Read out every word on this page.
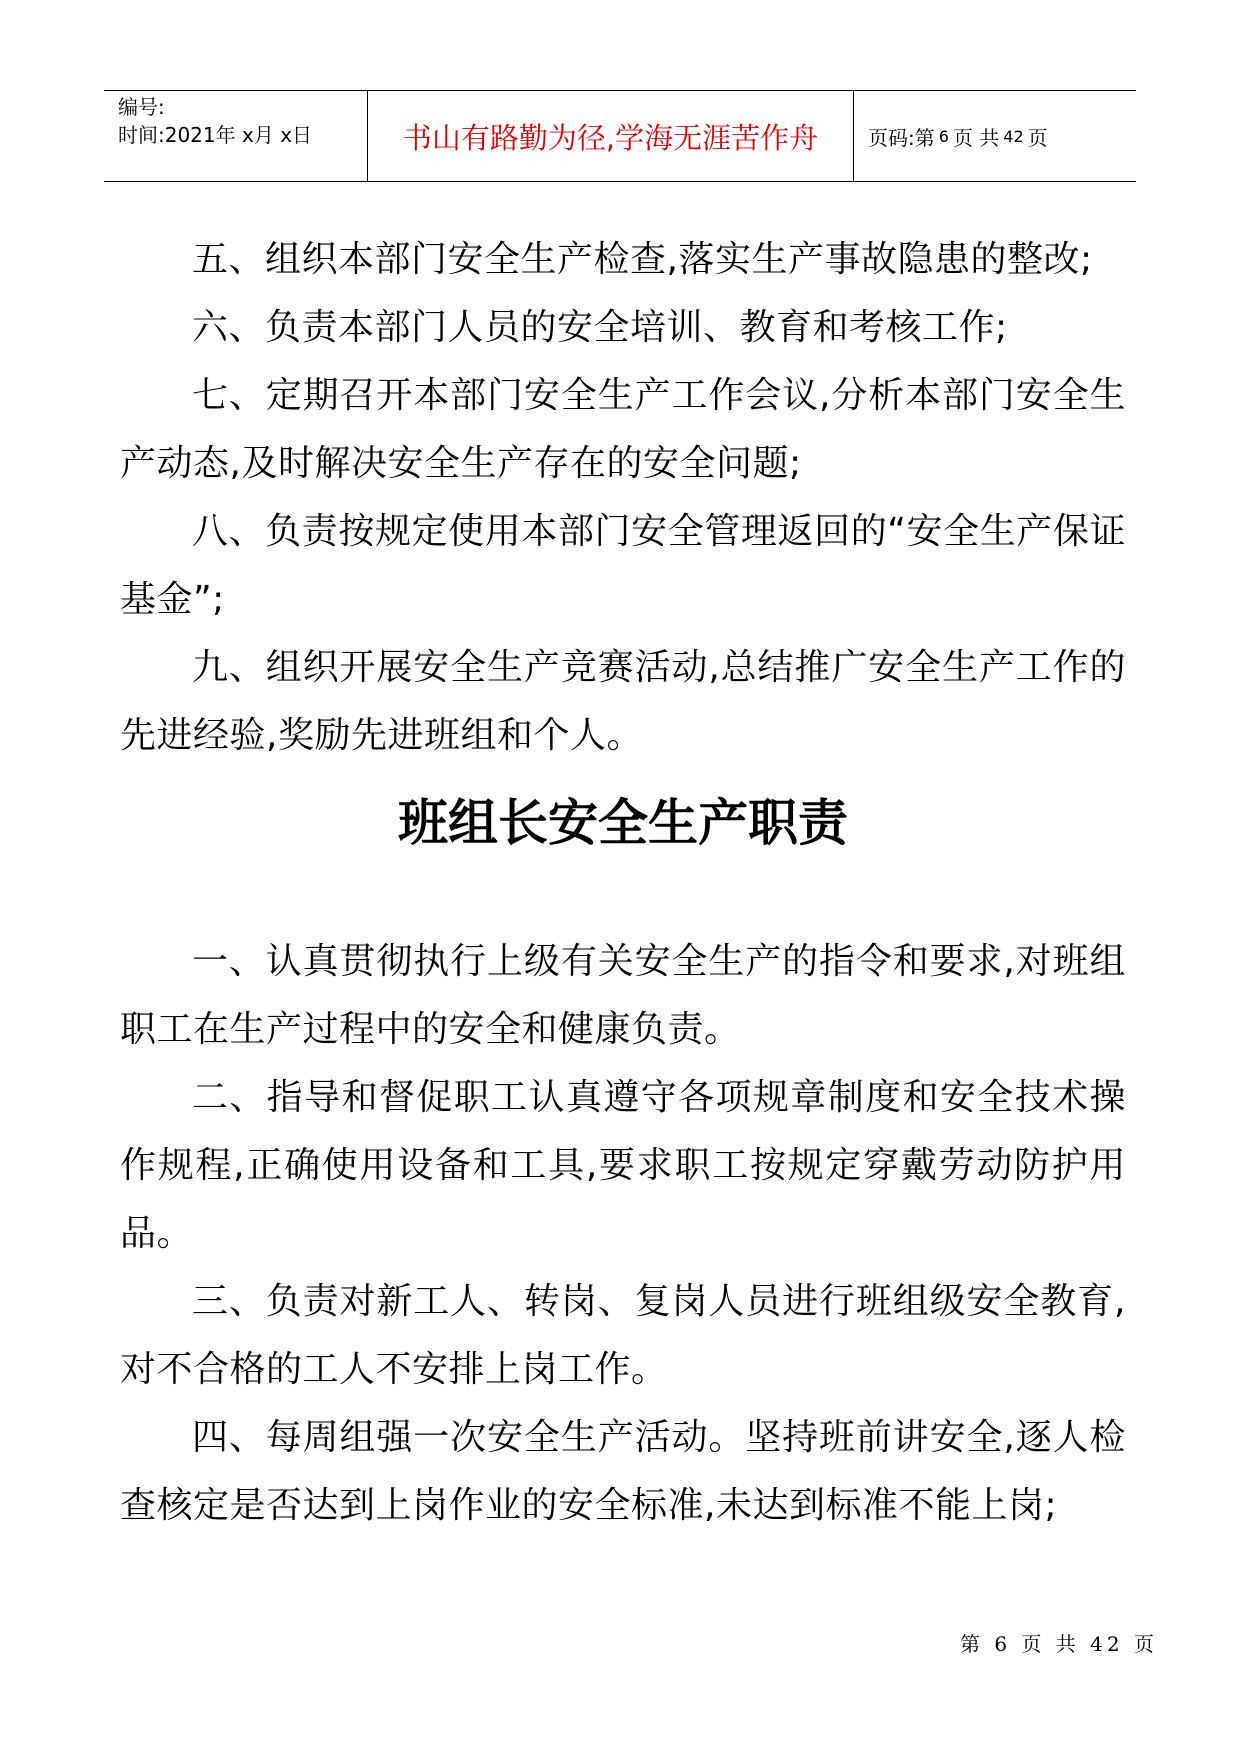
编号:
时间:2021年 x月 x日	书山有路勤为径,学海无涯苦作舟	页码:第 6 页 共 42 页

五、组织本部门安全生产检查,落实生产事故隐患的整改;

六、负责本部门人员的安全培训、教育和考核工作;

七、定期召开本部门安全生产工作会议,分析本部门安全生产动态,及时解决安全生产存在的安全问题;

八、负责按规定使用本部门安全管理返回的“安全生产保证基金”;

九、组织开展安全生产竞赛活动,总结推广安全生产工作的先进经验,奖励先进班组和个人。

班组长安全生产职责

一、认真贯彻执行上级有关安全生产的指令和要求,对班组职工在生产过程中的安全和健康负责。

二、指导和督促职工认真遵守各项规章制度和安全技术操作规程,正确使用设备和工具,要求职工按规定穿戴劳动防护用品。

三、负责对新工人、转岗、复岗人员进行班组级安全教育,对不合格的工人不安排上岗工作。

四、每周组强一次安全生产活动。坚持班前讲安全,逐人检查核定是否达到上岗作业的安全标准,未达到标准不能上岗;

第 6 页 共 42 页
